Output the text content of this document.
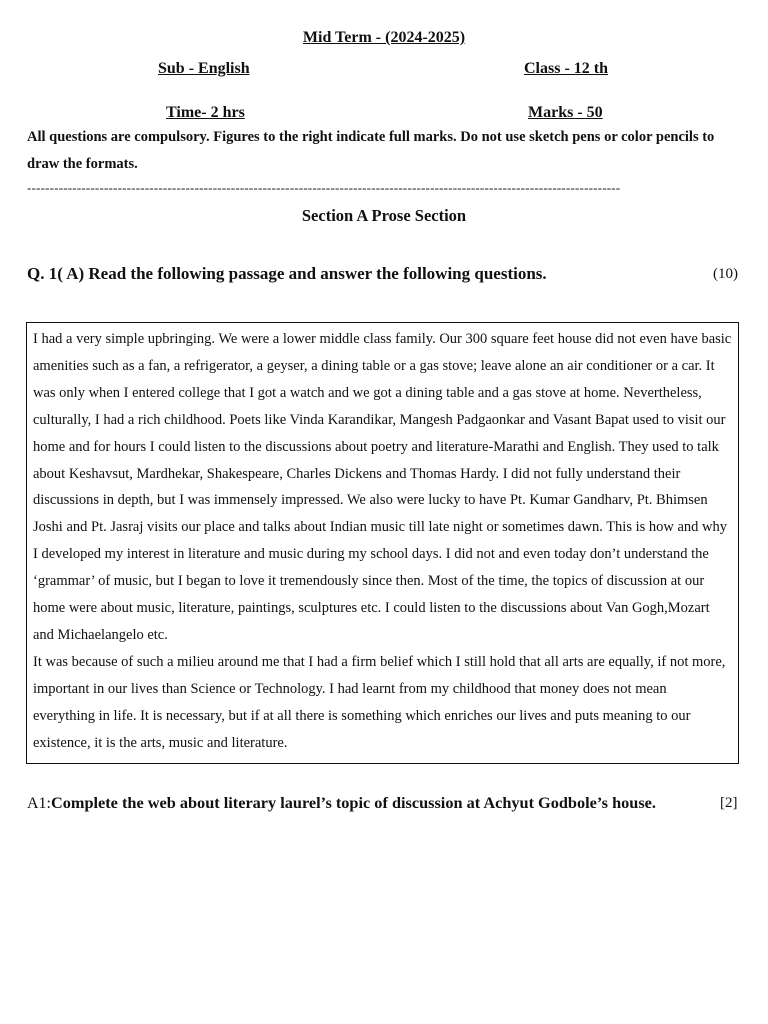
Mid Term - (2024-2025)
Sub - English	Class - 12 th
Time- 2 hrs	Marks - 50
All questions are compulsory. Figures to the right indicate full marks. Do not use sketch pens or color pencils to draw the formats.
-----------------------------------------------------------------------------------------------------------------------------------
Section A Prose Section
Q. 1( A) Read the following passage and answer the following questions.	(10)

I had a very simple upbringing. We were a lower middle class family. Our 300 square feet house did not even have basic amenities such as a fan, a refrigerator, a geyser, a dining table or a gas stove; leave alone an air conditioner or a car. It was only when I entered college that I got a watch and we got a dining table and a gas stove at home. Nevertheless, culturally, I had a rich childhood. Poets like Vinda Karandikar, Mangesh Padgaonkar and Vasant Bapat used to visit our home and for hours I could listen to the discussions about poetry and literature-Marathi and English. They used to talk about Keshavsut, Mardhekar, Shakespeare, Charles Dickens and Thomas Hardy. I did not fully understand their discussions in depth, but I was immensely impressed. We also were lucky to have Pt. Kumar Gandharv, Pt. Bhimsen Joshi and Pt. Jasraj visits our place and talks about Indian music till late night or sometimes dawn. This is how and why I developed my interest in literature and music during my school days. I did not and even today don’t understand the ‘grammar’ of music, but I began to love it tremendously since then. Most of the time, the topics of discussion at our home were about music, literature, paintings, sculptures etc. I could listen to the discussions about Van Gogh,Mozart and Michaelangelo etc.

It was because of such a milieu around me that I had a firm belief which I still hold that all arts are equally, if not more, important in our lives than Science or Technology. I had learnt from my childhood that money does not mean everything in life. It is necessary, but if at all there is something which enriches our lives and puts meaning to our existence, it is the arts, music and literature.

A1:Complete the web about literary laurel’s topic of discussion at Achyut Godbole’s house.	[2]
